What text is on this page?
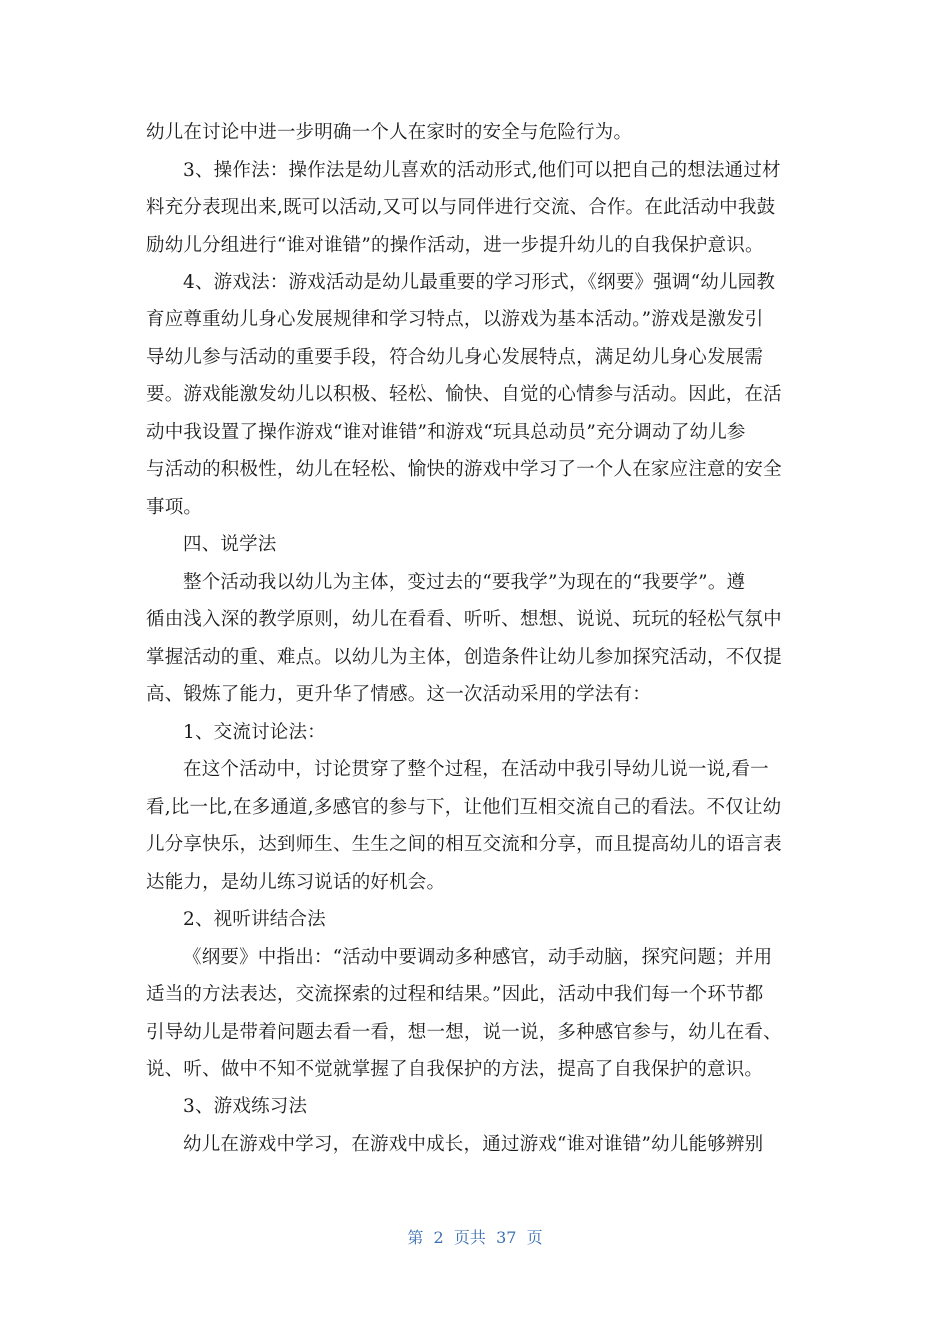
幼儿在讨论中进一步明确一个人在家时的安全与危险行为。
3、操作法：操作法是幼儿喜欢的活动形式,他们可以把自己的想法通过材
料充分表现出来,既可以活动,又可以与同伴进行交流、合作。在此活动中我鼓
励幼儿分组进行“谁对谁错”的操作活动，进一步提升幼儿的自我保护意识。
4、游戏法：游戏活动是幼儿最重要的学习形式，《纲要》强调“幼儿园教
育应尊重幼儿身心发展规律和学习特点，以游戏为基本活动。”游戏是激发引
导幼儿参与活动的重要手段，符合幼儿身心发展特点，满足幼儿身心发展需
要。游戏能激发幼儿以积极、轻松、愉快、自觉的心情参与活动。因此，在活
动中我设置了操作游戏“谁对谁错”和游戏“玩具总动员”充分调动了幼儿参
与活动的积极性，幼儿在轻松、愉快的游戏中学习了一个人在家应注意的安全
事项。
四、说学法
整个活动我以幼儿为主体，变过去的“要我学”为现在的“我要学”。遵
循由浅入深的教学原则，幼儿在看看、听听、想想、说说、玩玩的轻松气氛中
掌握活动的重、难点。以幼儿为主体，创造条件让幼儿参加探究活动，不仅提
高、锻炼了能力，更升华了情感。这一次活动采用的学法有：
1、交流讨论法：
在这个活动中，讨论贯穿了整个过程，在活动中我引导幼儿说一说,看一
看,比一比,在多通道,多感官的参与下，让他们互相交流自己的看法。不仅让幼
儿分享快乐，达到师生、生生之间的相互交流和分享，而且提高幼儿的语言表
达能力，是幼儿练习说话的好机会。
2、视听讲结合法
《纲要》中指出：“活动中要调动多种感官，动手动脑，探究问题；并用
适当的方法表达，交流探索的过程和结果。”因此，活动中我们每一个环节都
引导幼儿是带着问题去看一看，想一想，说一说，多种感官参与，幼儿在看、
说、听、做中不知不觉就掌握了自我保护的方法，提高了自我保护的意识。
3、游戏练习法
幼儿在游戏中学习，在游戏中成长，通过游戏“谁对谁错”幼儿能够辨别
第  2  页共  37  页
